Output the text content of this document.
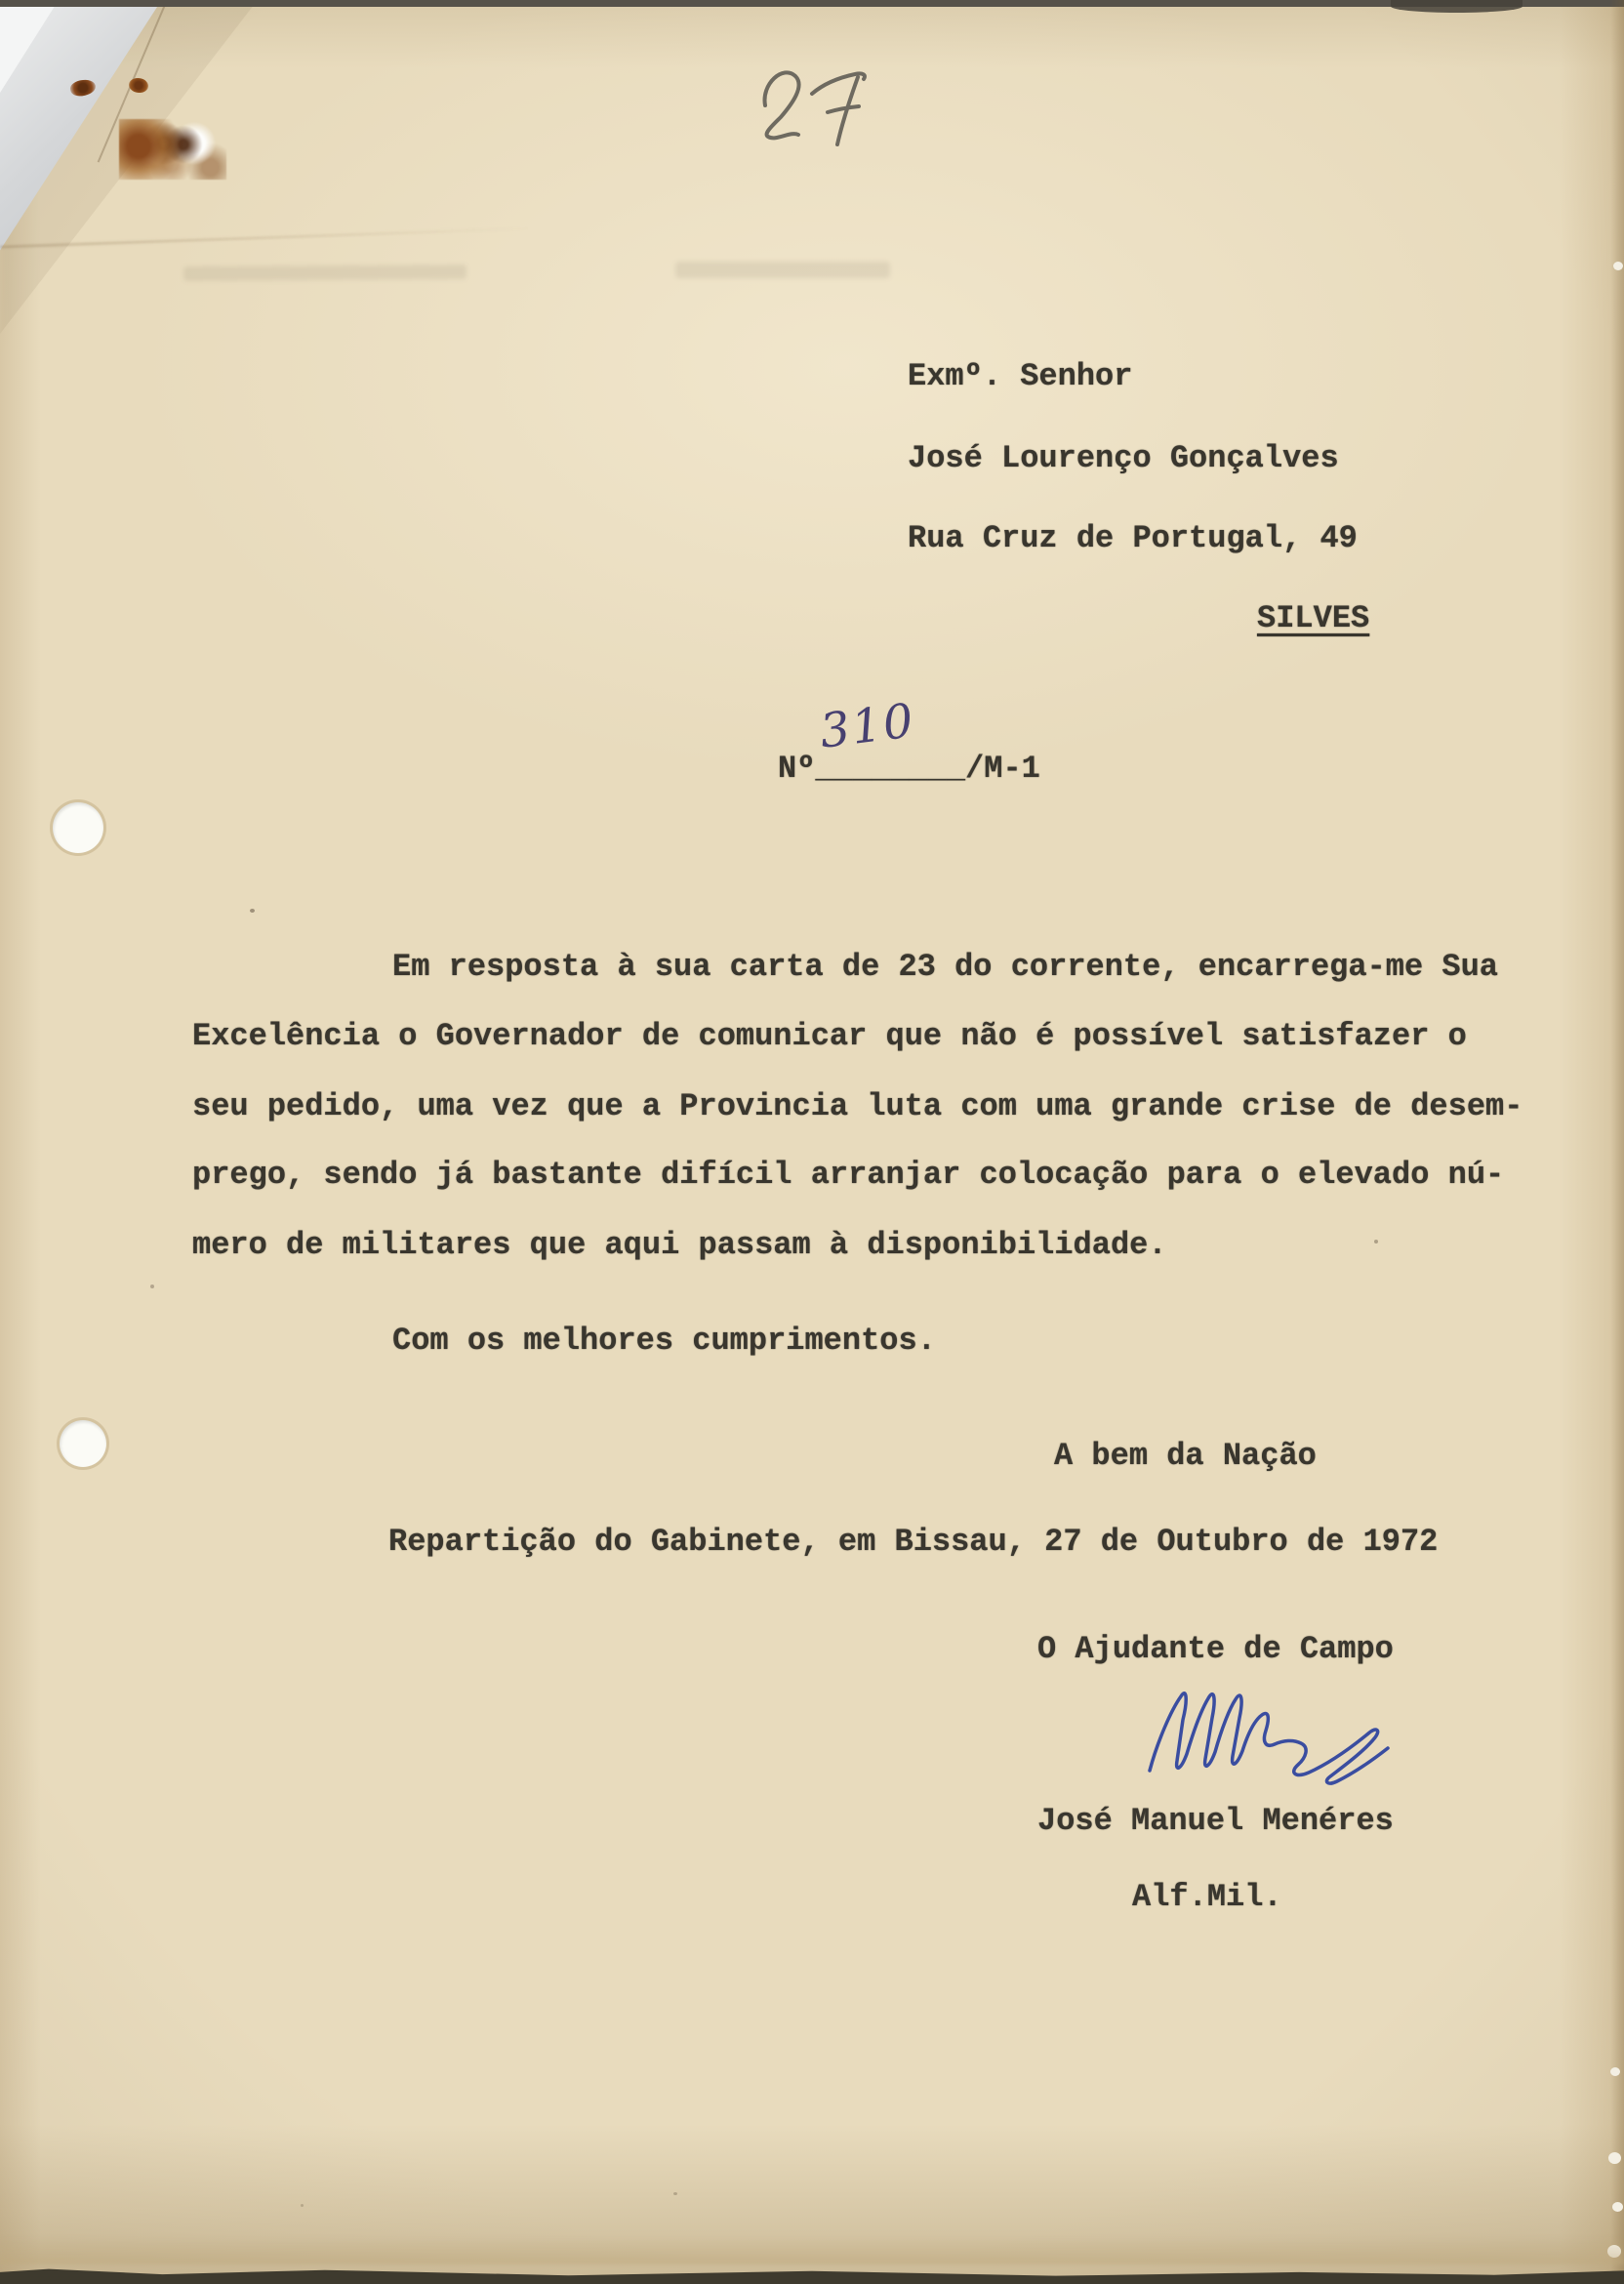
Exmº. Senhor
José Lourenço Gonçalves
Rua Cruz de Portugal, 49
SILVES
Nº________/M-1
310
Em resposta à sua carta de 23 do corrente, encarrega-me Sua
Excelência o Governador de comunicar que não é possível satisfazer o
seu pedido, uma vez que a Provincia luta com uma grande crise de desem-
prego, sendo já bastante difícil arranjar colocação para o elevado nú-
mero de militares que aqui passam à disponibilidade.
Com os melhores cumprimentos.
A bem da Nação
Repartição do Gabinete, em Bissau, 27 de Outubro de 1972
O Ajudante de Campo
José Manuel Menéres
Alf.Mil.
